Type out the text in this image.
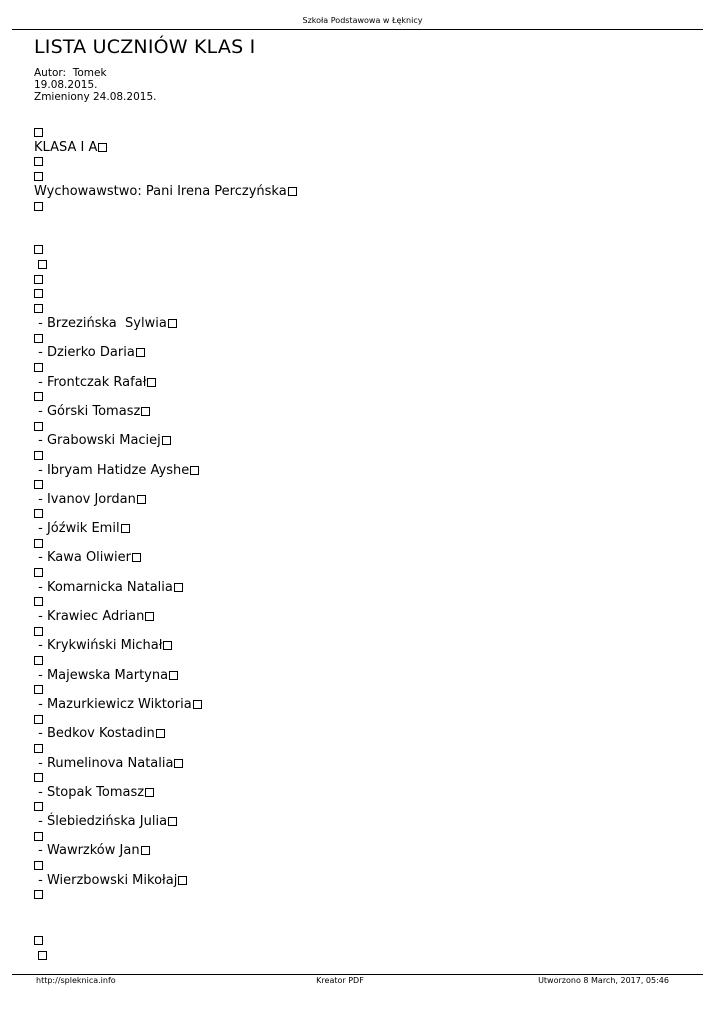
Szkoła Podstawowa w Łęknicy
LISTA UCZNIÓW KLAS I
Autor: Tomek
19.08.2015.
Zmieniony 24.08.2015.
KLASA I A
Wychowawstwo: Pani Irena Perczyńska

- Brzezińska  Sylwia
- Dzierko Daria
- Frontczak Rafał
- Górski Tomasz
- Grabowski Maciej
- Ibryam Hatidze Ayshe
- Ivanov Jordan
- Jóźwik Emil
- Kawa Oliwier
- Komarnicka Natalia
- Krawiec Adrian
- Krykwiński Michał
- Majewska Martyna
- Mazurkiewicz Wiktoria
- Bedkov Kostadin
- Rumelinova Natalia
- Stopak Tomasz
- Ślebiedzińska Julia
- Wawrzków Jan
- Wierzbowski Mikołaj

http://spleknica.info	Kreator PDF	Utworzono 8 March, 2017, 05:46
